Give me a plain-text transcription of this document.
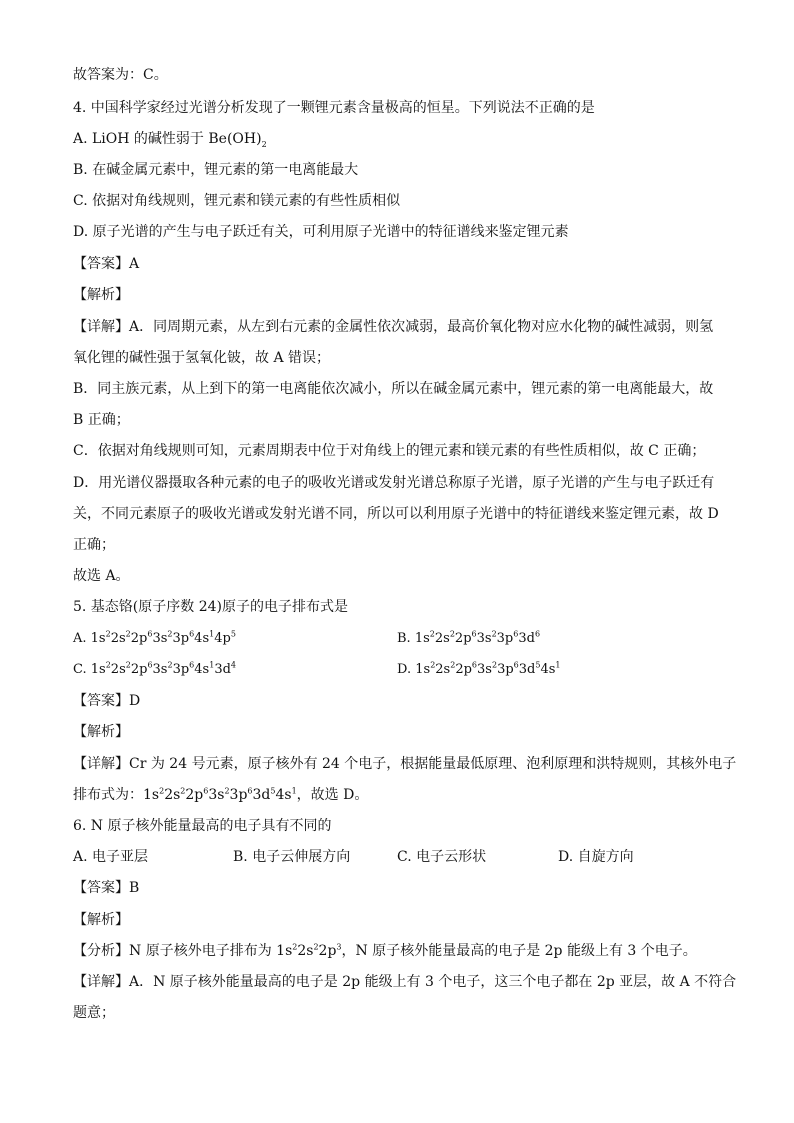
故答案为：C。
4. 中国科学家经过光谱分析发现了一颗锂元素含量极高的恒星。下列说法不正确的是
A. LiOH 的碱性弱于 $Be(OH)_2$
B. 在碱金属元素中，锂元素的第一电离能最大
C. 依据对角线规则，锂元素和镁元素的有些性质相似
D. 原子光谱的产生与电子跃迁有关，可利用原子光谱中的特征谱线来鉴定锂元素
【答案】A
【解析】
【详解】A．同周期元素，从左到右元素的金属性依次减弱，最高价氧化物对应水化物的碱性减弱，则氢
氧化锂的碱性强于氢氧化铍，故 A 错误；
B．同主族元素，从上到下的第一电离能依次减小，所以在碱金属元素中，锂元素的第一电离能最大，故
B 正确；
C．依据对角线规则可知，元素周期表中位于对角线上的锂元素和镁元素的有些性质相似，故 C 正确；
D．用光谱仪器摄取各种元素的电子的吸收光谱或发射光谱总称原子光谱，原子光谱的产生与电子跃迁有
关，不同元素原子的吸收光谱或发射光谱不同，所以可以利用原子光谱中的特征谱线来鉴定锂元素，故 D
正确；
故选 A。
5. 基态铬(原子序数 24)原子的电子排布式是
A. $1s^22s^22p^63s^23p^64s^14p^5$	B. $1s^22s^22p^63s^23p^63d^6$
C. $1s^22s^22p^63s^23p^64s^13d^4$	D. $1s^22s^22p^63s^23p^63d^54s^1$
【答案】D
【解析】
【详解】Cr 为 24 号元素，原子核外有 24 个电子，根据能量最低原理、泡利原理和洪特规则，其核外电子
排布式为：$1s^22s^22p^63s^23p^63d^54s^1$，故选 D。
6. N 原子核外能量最高的电子具有不同的
A. 电子亚层	B. 电子云伸展方向	C. 电子云形状	D. 自旋方向
【答案】B
【解析】
【分析】N 原子核外电子排布为 $1s^22s^22p^3$，N 原子核外能量最高的电子是 2p 能级上有 3 个电子。
【详解】A．N 原子核外能量最高的电子是 2p 能级上有 3 个电子，这三个电子都在 2p 亚层，故 A 不符合
题意；
